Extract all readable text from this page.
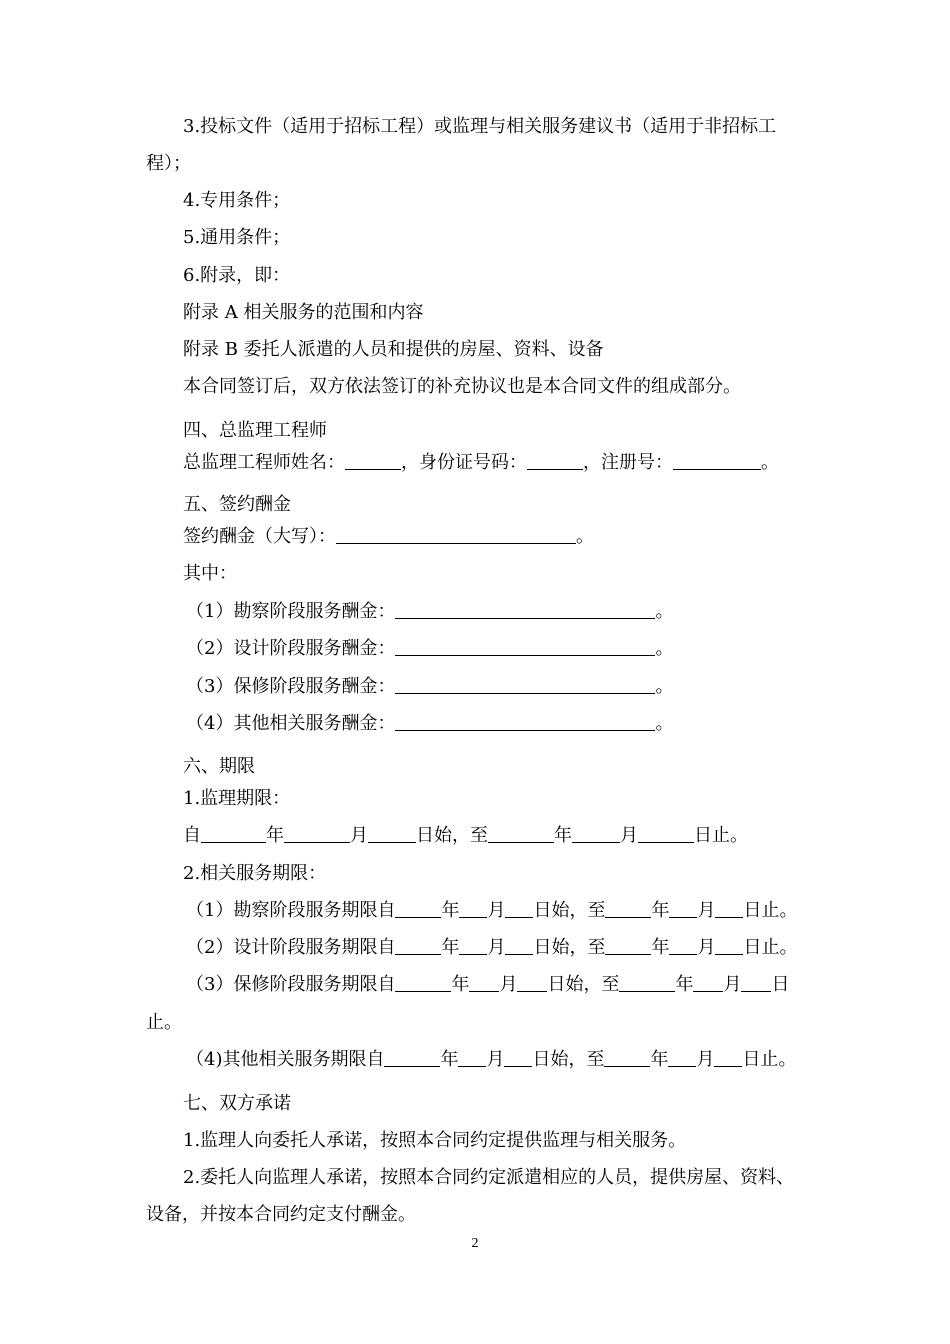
3.投标文件（适用于招标工程）或监理与相关服务建议书（适用于非招标工
程）；
4.专用条件；
5.通用条件；
6.附录，即：
附录 A 相关服务的范围和内容
附录 B 委托人派遣的人员和提供的房屋、资料、设备
本合同签订后，双方依法签订的补充协议也是本合同文件的组成部分。
四、总监理工程师
总监理工程师姓名：	，身份证号码：	，注册号：	。
五、签约酬金
签约酬金（大写）：	。
其中：
（1）勘察阶段服务酬金：	。
（2）设计阶段服务酬金：	。
（3）保修阶段服务酬金：	。
（4）其他相关服务酬金：	。
六、期限
1.监理期限：
自	年	月	日始，至	年	月	日止。
2.相关服务期限：
（1）勘察阶段服务期限自	年 月 日始，至	年 月 日止。
（2）设计阶段服务期限自	年 月 日始，至	年 月 日止。
（3）保修阶段服务期限自	年 月 日始，至	年 月 日
止。
（4)其他相关服务期限自	年 月 日始，至	年 月 日止。
七、双方承诺
1.监理人向委托人承诺，按照本合同约定提供监理与相关服务。
2.委托人向监理人承诺，按照本合同约定派遣相应的人员，提供房屋、资料、
设备，并按本合同约定支付酬金。
2
